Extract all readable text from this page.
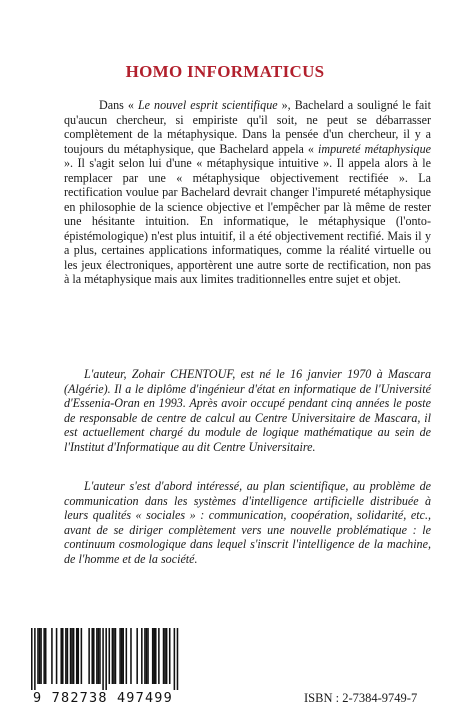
HOMO INFORMATICUS

Dans « Le nouvel esprit scientifique », Bachelard a souligné le fait qu'aucun chercheur, si empiriste qu'il soit, ne peut se débarrasser complètement de la métaphysique. Dans la pensée d'un chercheur, il y a toujours du métaphysique, que Bachelard appela « impureté métaphysique ». Il s'agit selon lui d'une « métaphysique intuitive ». Il appela alors à le remplacer par une « métaphysique objectivement rectifiée ». La rectification voulue par Bachelard devrait changer l'impureté métaphysique en philosophie de la science objective et l'empêcher par là même de rester une hésitante intuition. En informatique, le métaphysique (l'onto-épistémologique) n'est plus intuitif, il a été objectivement rectifié. Mais il y a plus, certaines applications informatiques, comme la réalité virtuelle ou les jeux électroniques, apportèrent une autre sorte de rectification, non pas à la métaphysique mais aux limites traditionnelles entre sujet et objet.

L'auteur, Zohair CHENTOUF, est né le 16 janvier 1970 à Mascara (Algérie). Il a le diplôme d'ingénieur d'état en informatique de l'Université d'Essenia-Oran en 1993. Après avoir occupé pendant cinq années le poste de responsable de centre de calcul au Centre Universitaire de Mascara, il est actuellement chargé du module de logique mathématique au sein de l'Institut d'Informatique au dit Centre Universitaire.

L'auteur s'est d'abord intéressé, au plan scientifique, au problème de communication dans les systèmes d'intelligence artificielle distribuée à leurs qualités « sociales » : communication, coopération, solidarité, etc., avant de se diriger complètement vers une nouvelle problématique : le continuum cosmologique dans lequel s'inscrit l'intelligence de la machine, de l'homme et de la société.

9 782738 497499	ISBN : 2-7384-9749-7
